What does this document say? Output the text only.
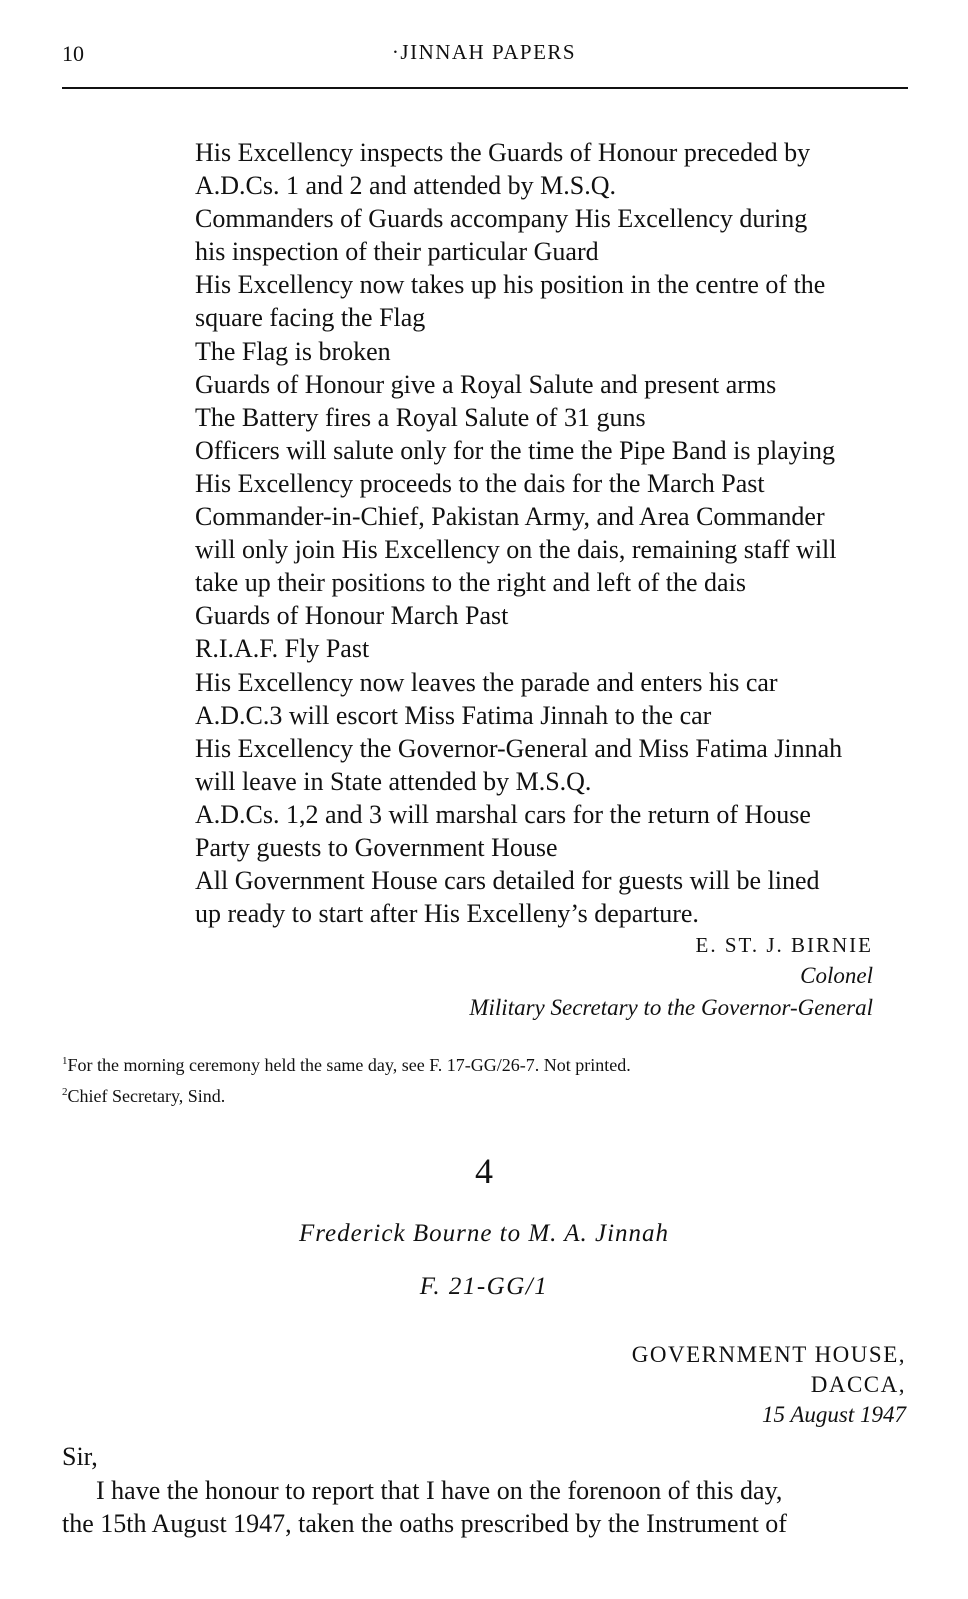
10	·JINNAH PAPERS
His Excellency inspects the Guards of Honour preceded by
A.D.Cs. 1 and 2 and attended by M.S.Q.
Commanders of Guards accompany His Excellency during
his inspection of their particular Guard
His Excellency now takes up his position in the centre of the
square facing the Flag
The Flag is broken
Guards of Honour give a Royal Salute and present arms
The Battery fires a Royal Salute of 31 guns
Officers will salute only for the time the Pipe Band is playing
His Excellency proceeds to the dais for the March Past
Commander-in-Chief, Pakistan Army, and Area Commander
will only join His Excellency on the dais, remaining staff will
take up their positions to the right and left of the dais
Guards of Honour March Past
R.I.A.F. Fly Past
His Excellency now leaves the parade and enters his car
A.D.C.3 will escort Miss Fatima Jinnah to the car
His Excellency the Governor-General and Miss Fatima Jinnah
will leave in State attended by M.S.Q.
A.D.Cs. 1,2 and 3 will marshal cars for the return of House
Party guests to Government House
All Government House cars detailed for guests will be lined
up ready to start after His Excelleny’s departure.
E. ST. J. BIRNIE
Colonel
Military Secretary to the Governor-General
$^1$For the morning ceremony held the same day, see F. 17-GG/26-7. Not printed.
$^2$Chief Secretary, Sind.
4
Frederick Bourne to M. A. Jinnah
F. 21-GG/1
GOVERNMENT HOUSE,
DACCA,
15 August 1947
Sir,
I have the honour to report that I have on the forenoon of this day,
the 15th August 1947, taken the oaths prescribed by the Instrument of
